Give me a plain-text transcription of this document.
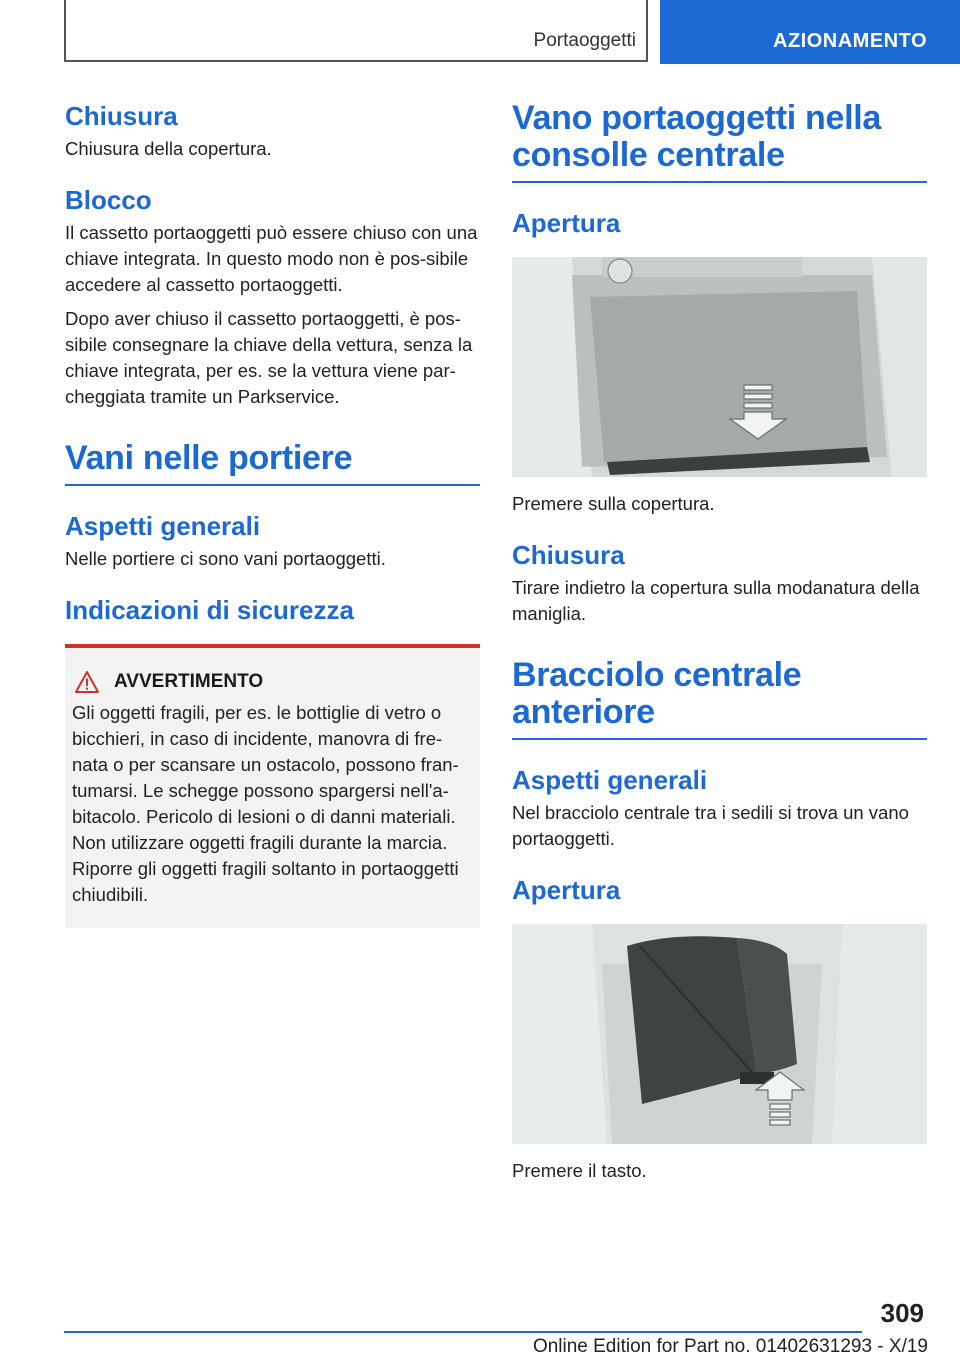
Portaoggetti	AZIONAMENTO
Chiusura

Chiusura della copertura.

Blocco

Il cassetto portaoggetti può essere chiuso con una chiave integrata. In questo modo non è pos-sibile accedere al cassetto portaoggetti.

Dopo aver chiuso il cassetto portaoggetti, è pos-sibile consegnare la chiave della vettura, senza la chiave integrata, per es. se la vettura viene par-cheggiata tramite un Parkservice.

Vani nelle portiere
Aspetti generali

Nelle portiere ci sono vani portaoggetti.

Indicazioni di sicurezza
AVVERTIMENTO

Gli oggetti fragili, per es. le bottiglie di vetro o bicchieri, in caso di incidente, manovra di fre-nata o per scansare un ostacolo, possono fran-tumarsi. Le schegge possono spargersi nell'a-bitacolo. Pericolo di lesioni o di danni materiali. Non utilizzare oggetti fragili durante la marcia. Riporre gli oggetti fragili soltanto in portaoggetti chiudibili.

Vano portaoggetti nella consolle centrale
Apertura

Premere sulla copertura.

Chiusura

Tirare indietro la copertura sulla modanatura della maniglia.

Bracciolo centrale anteriore
Aspetti generali

Nel bracciolo centrale tra i sedili si trova un vano portaoggetti.

Apertura

Premere il tasto.

309
Online Edition for Part no. 01402631293 - X/19
